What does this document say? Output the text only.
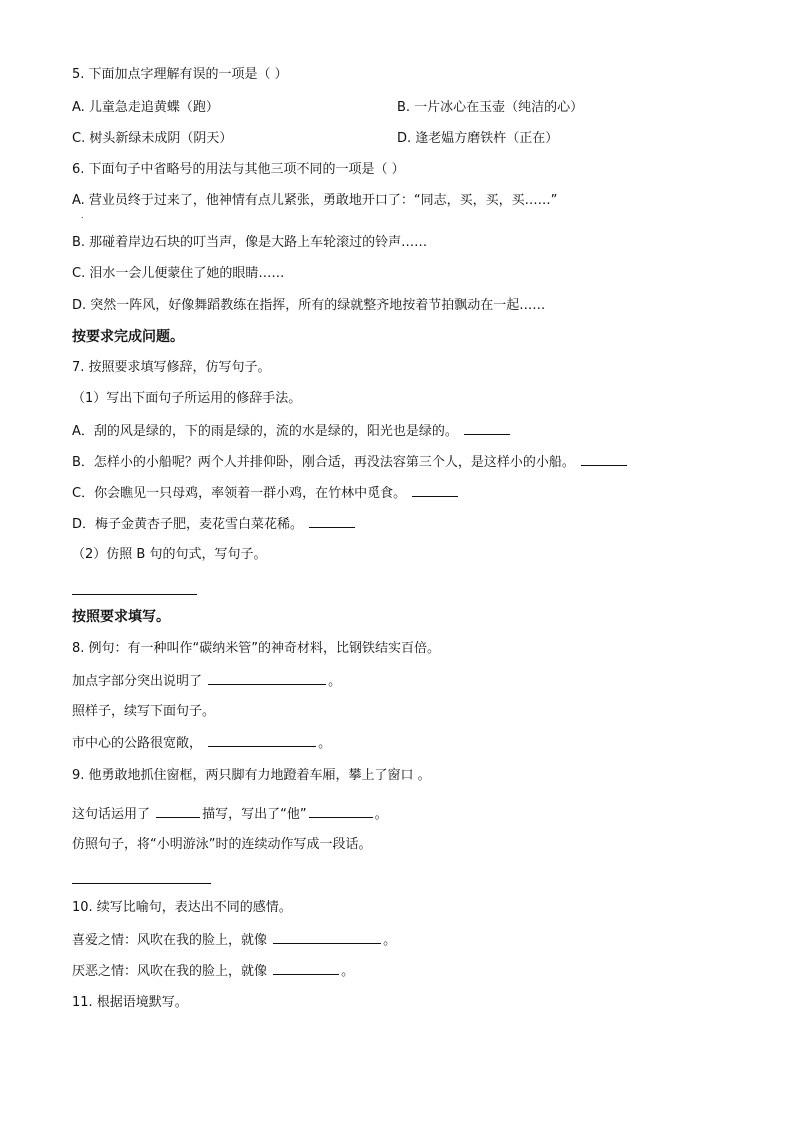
5. 下面加点字理解有误的一项是（ ）
A. 儿童急走追黄蝶（跑）	B. 一片冰心在玉壶（纯洁的心）
C. 树头新绿未成阴（阴天）	D. 逢老媪方磨铁杵（正在）
6. 下面句子中省略号的用法与其他三项不同的一项是（ ）
A. 营业员终于过来了，他神情有点儿紧张，勇敢地开口了：“同志，买，买，买……”
.
B. 那碰着岸边石块的叮当声，像是大路上车轮滚过的铃声……
C. 泪水一会儿便蒙住了她的眼睛……
D. 突然一阵风，好像舞蹈教练在指挥，所有的绿就整齐地按着节拍飘动在一起……
按要求完成问题。
7. 按照要求填写修辞，仿写句子。
（1）写出下面句子所运用的修辞手法。
A．刮的风是绿的，下的雨是绿的，流的水是绿的，阳光也是绿的。
B．怎样小的小船呢？两个人并排仰卧，刚合适，再没法容第三个人，是这样小的小船。
C．你会瞧见一只母鸡，率领着一群小鸡，在竹林中觅食。
D．梅子金黄杏子肥，麦花雪白菜花稀。
（2）仿照 B 句的句式，写句子。
按照要求填写。
8. 例句：有一种叫作“碳纳米管”的神奇材料，比钢铁结实百倍。
加点字部分突出说明了	。
照样子，续写下面句子。
市中心的公路很宽敞，	。
9. 他勇敢地抓住窗框，两只脚有力地蹬着车厢，攀上了窗口 。
这句话运用了	描写，写出了“他”	。
仿照句子，将“小明游泳”时的连续动作写成一段话。
10. 续写比喻句，表达出不同的感情。
喜爱之情：风吹在我的脸上，就像	。
厌恶之情：风吹在我的脸上，就像	。
11. 根据语境默写。
